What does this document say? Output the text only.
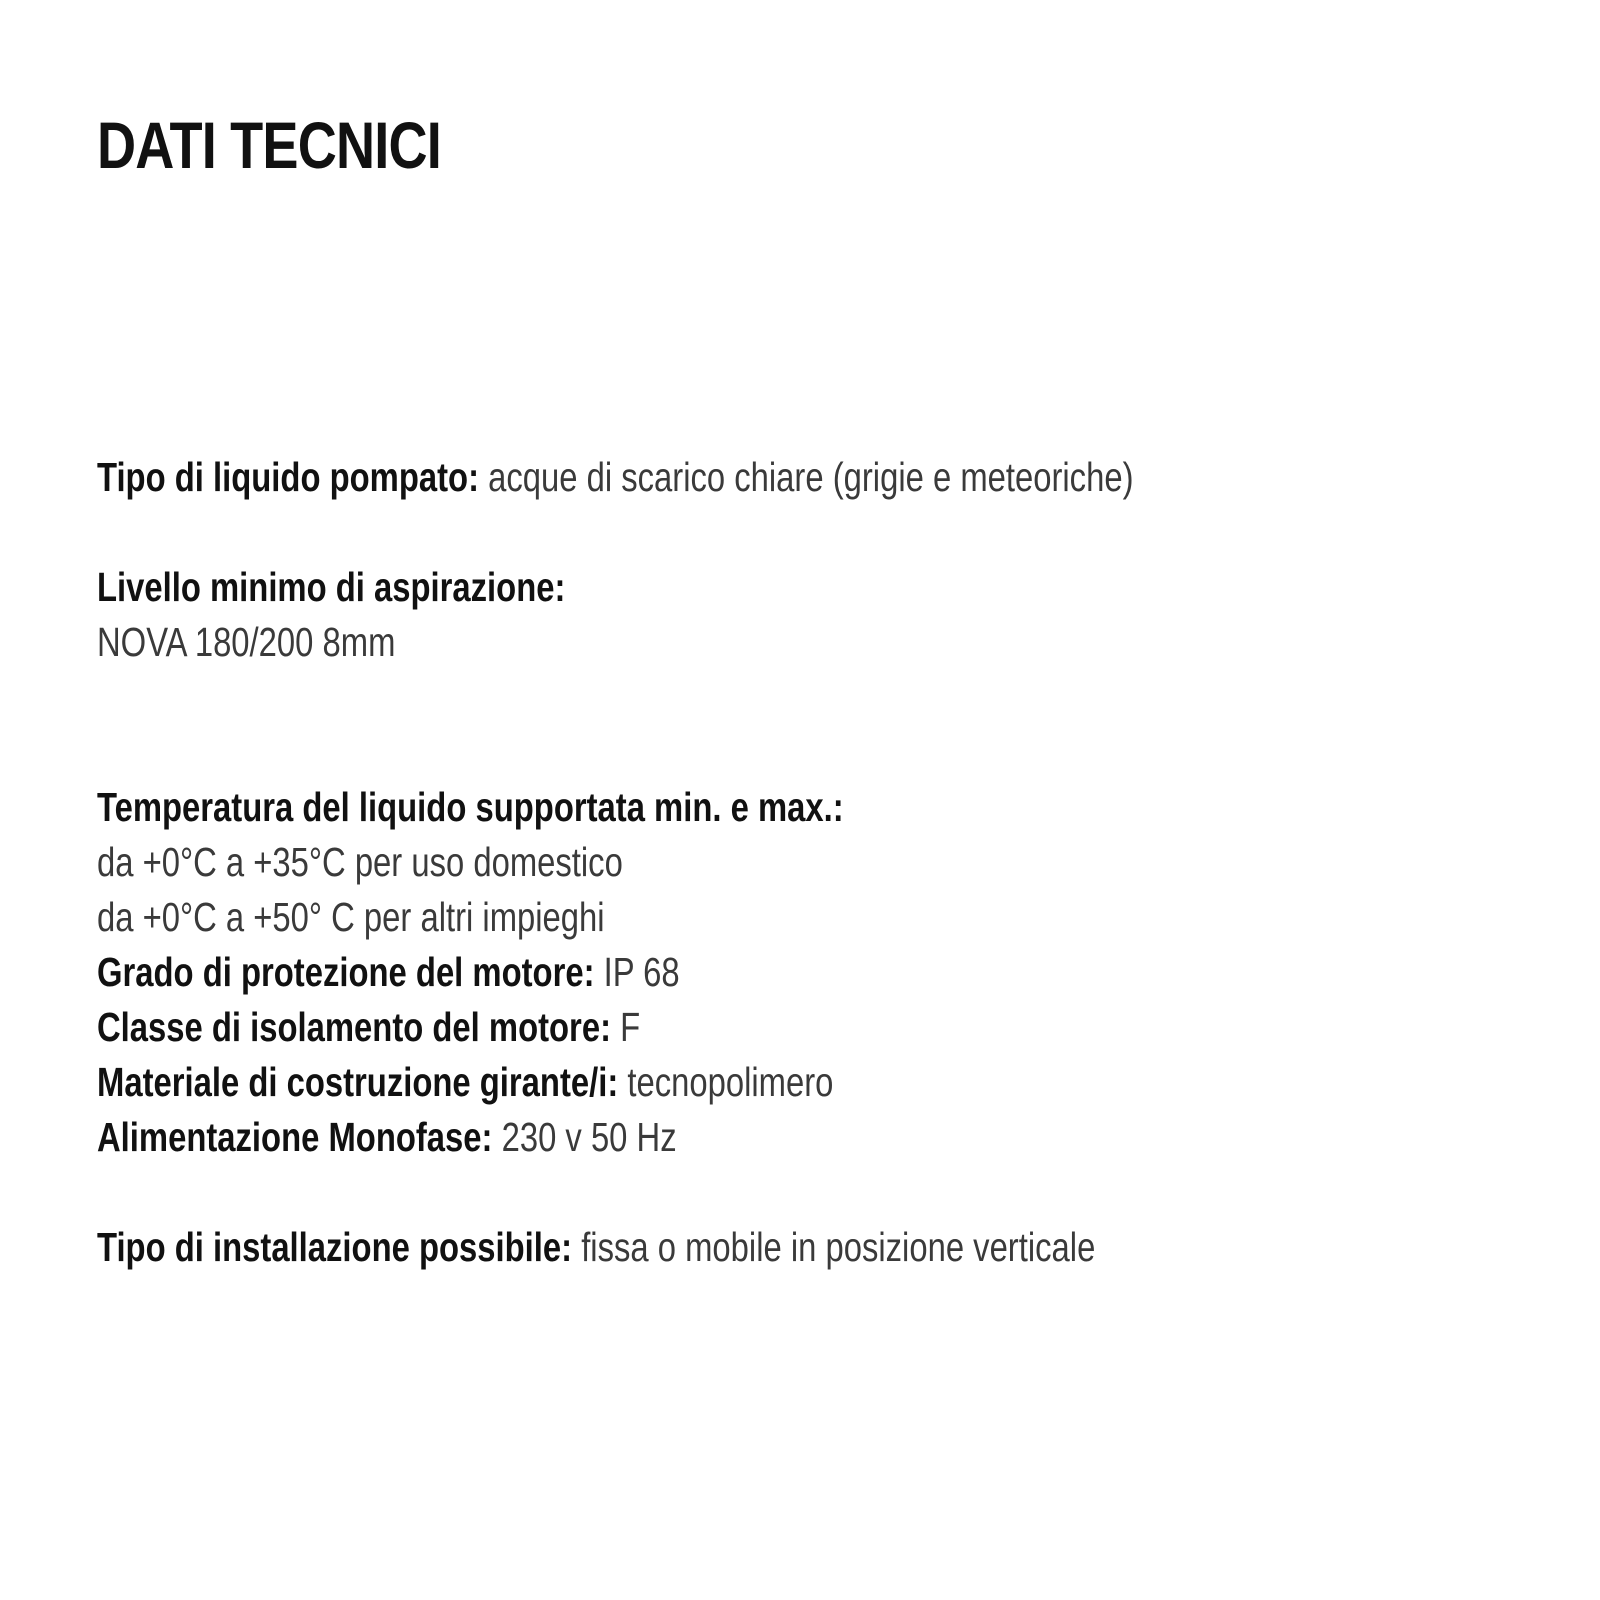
DATI TECNICI

Tipo di liquido pompato: acque di scarico chiare (grigie e meteoriche)

Livello minimo di aspirazione:

NOVA 180/200 8mm

Temperatura del liquido supportata min. e max.:

da +0°C a +35°C per uso domestico

da +0°C a +50° C per altri impieghi

Grado di protezione del motore: IP 68

Classe di isolamento del motore: F

Materiale di costruzione girante/i: tecnopolimero

Alimentazione Monofase: 230 v 50 Hz

Tipo di installazione possibile: fissa o mobile in posizione verticale
